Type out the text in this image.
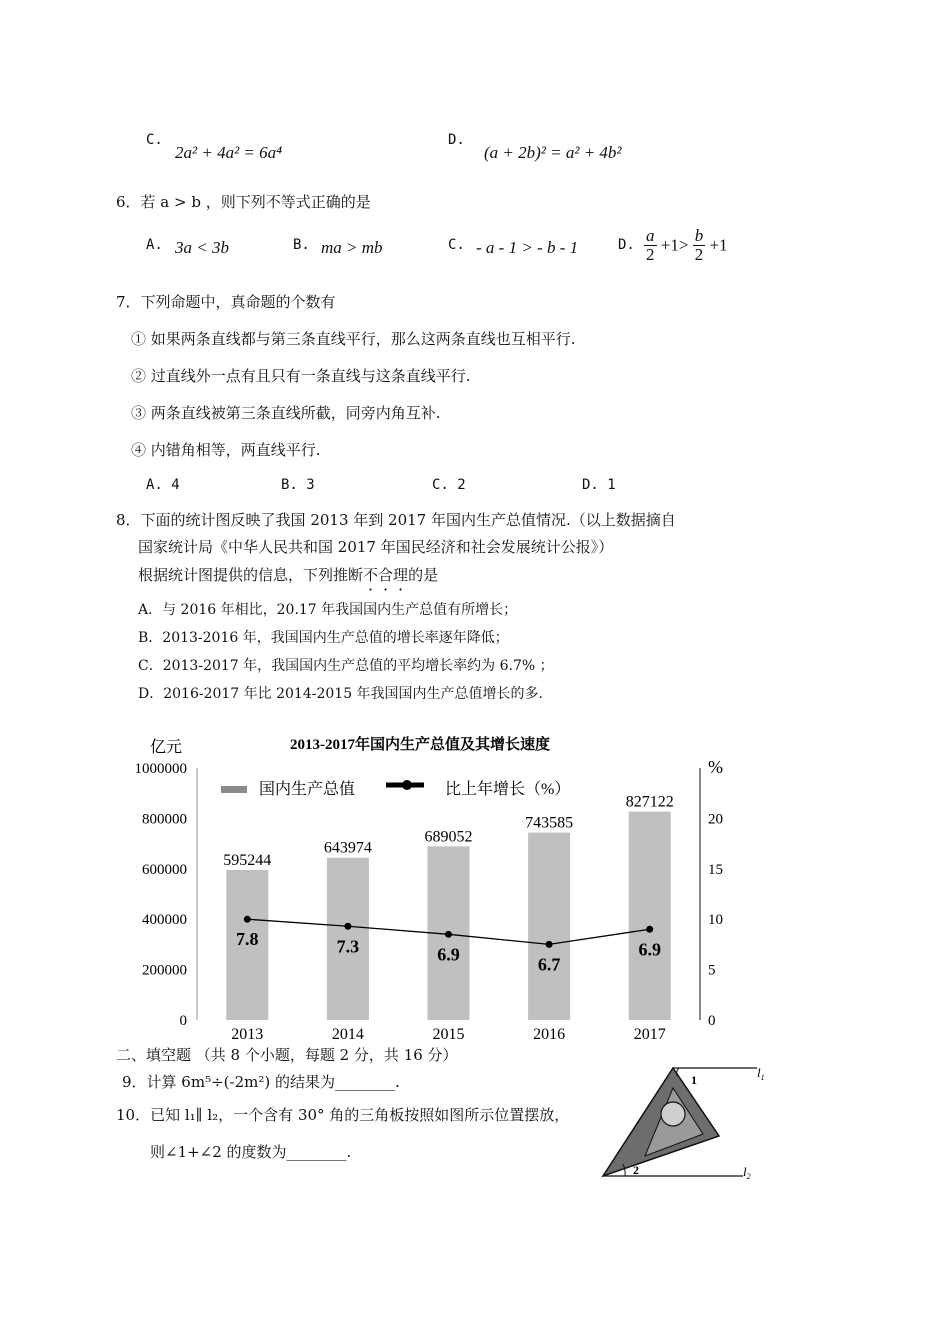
C.
2a² + 4a² = 6a⁴
D.
(a + 2b)² = a² + 4b²
6．若 a > b ，则下列不等式正确的是
A. 3a < 3b	B. ma > mb	C. - a - 1 > - b - 1	D. $\frac{a}{2} +1> \frac{b}{2} +1$
7．下列命题中，真命题的个数有
① 如果两条直线都与第三条直线平行，那么这两条直线也互相平行.
② 过直线外一点有且只有一条直线与这条直线平行.
③ 两条直线被第三条直线所截，同旁内角互补.
④ 内错角相等，两直线平行.
A. 4	B. 3	C. 2	D. 1
8．下面的统计图反映了我国 2013 年到 2017 年国内生产总值情况.（以上数据摘自
国家统计局《中华人民共和国 2017 年国民经济和社会发展统计公报》）
根据统计图提供的信息，下列推断不合理的是
A．与 2016 年相比，20.17 年我国国内生产总值有所增长；
B．2013-2016 年，我国国内生产总值的增长率逐年降低；
C．2013-2017 年，我国国内生产总值的平均增长率约为 6.7% ；
D．2016-2017 年比 2014-2015 年我国国内生产总值增长的多.
亿元	2013-2017年国内生产总值及其增长速度
%
1000000
800000
600000
400000
200000
0
20
15
10
5
0
595244
2013
643974
2014
689052
2015
743585
2016
827122
2017
7.8	7.3	6.9
6.7
6.9
国内生产总值	比上年增长（%）
二、填空题 （共 8 个小题，每题 2 分，共 16 分）
9．计算 6m⁵÷(-2m²) 的结果为________.
10．已知 l₁∥ l₂，一个含有 30° 角的三角板按照如图所示位置摆放，
则∠1+∠2 的度数为________.
1
2
$l_1$
$l_2$
